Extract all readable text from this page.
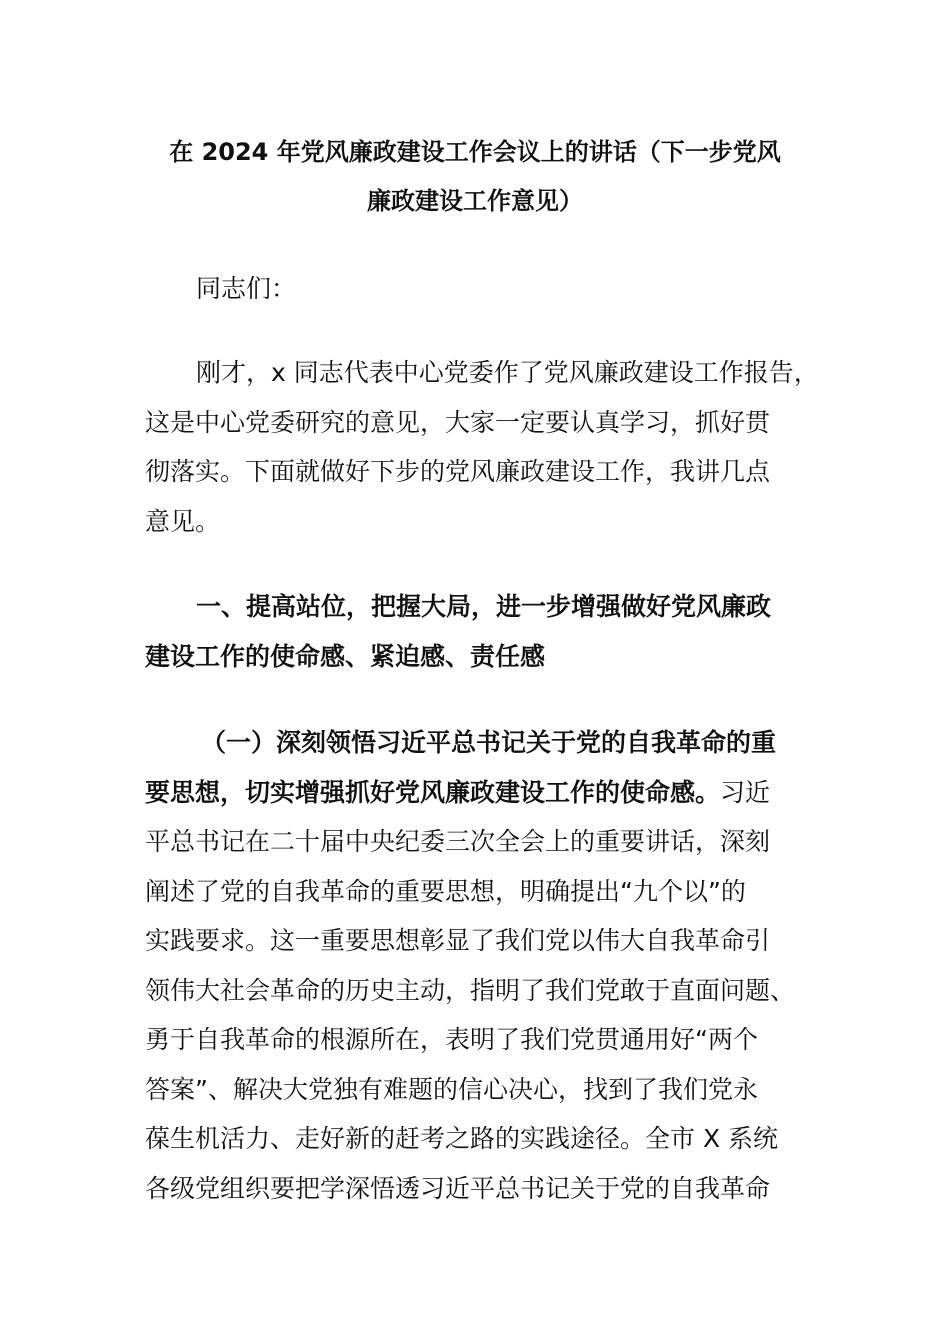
在 2024 年党风廉政建设工作会议上的讲话（下一步党风
廉政建设工作意见）

同志们：

刚才，x 同志代表中心党委作了党风廉政建设工作报告，
这是中心党委研究的意见，大家一定要认真学习，抓好贯
彻落实。下面就做好下步的党风廉政建设工作，我讲几点
意见。

一、提高站位，把握大局，进一步增强做好党风廉政
建设工作的使命感、紧迫感、责任感

（一）深刻领悟习近平总书记关于党的自我革命的重
要思想，切实增强抓好党风廉政建设工作的使命感。习近
平总书记在二十届中央纪委三次全会上的重要讲话，深刻
阐述了党的自我革命的重要思想，明确提出“九个以”的
实践要求。这一重要思想彰显了我们党以伟大自我革命引
领伟大社会革命的历史主动，指明了我们党敢于直面问题、
勇于自我革命的根源所在，表明了我们党贯通用好“两个
答案”、解决大党独有难题的信心决心，找到了我们党永
葆生机活力、走好新的赶考之路的实践途径。全市 X 系统
各级党组织要把学深悟透习近平总书记关于党的自我革命
